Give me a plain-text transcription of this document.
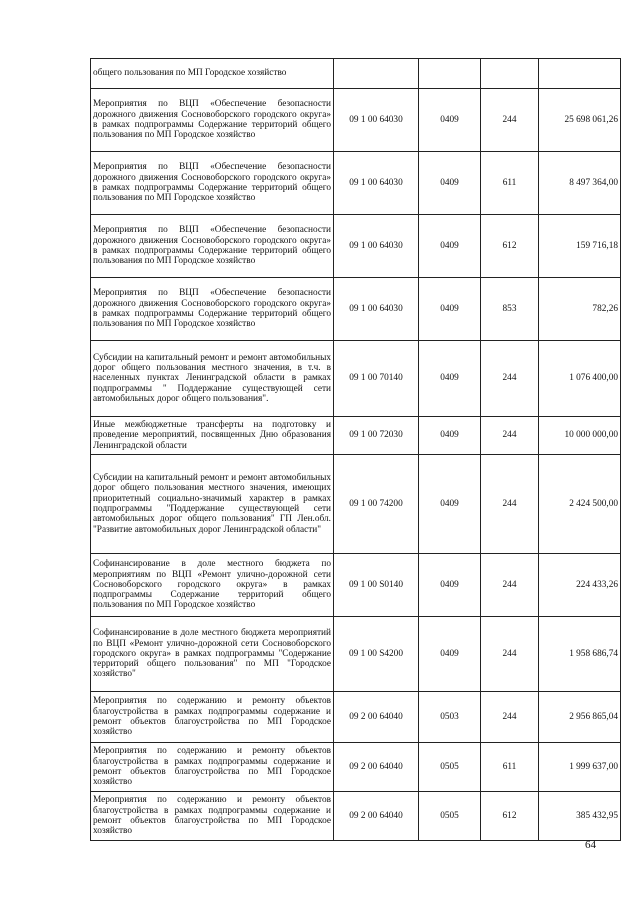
общего пользования по МП Городское хозяйство				
Мероприятия по ВЦП «Обеспечение безопасности дорожного движения Сосновоборского городского округа» в рамках подпрограммы Содержание территорий общего пользования по МП Городское хозяйство	09 1 00 64030	0409	244	25 698 061,26
Мероприятия по ВЦП «Обеспечение безопасности дорожного движения Сосновоборского городского округа» в рамках подпрограммы Содержание территорий общего пользования по МП Городское хозяйство	09 1 00 64030	0409	611	8 497 364,00
Мероприятия по ВЦП «Обеспечение безопасности дорожного движения Сосновоборского городского округа» в рамках подпрограммы Содержание территорий общего пользования по МП Городское хозяйство	09 1 00 64030	0409	612	159 716,18
Мероприятия по ВЦП «Обеспечение безопасности дорожного движения Сосновоборского городского округа» в рамках подпрограммы Содержание территорий общего пользования по МП Городское хозяйство	09 1 00 64030	0409	853	782,26
Субсидии на капитальный ремонт и ремонт автомобильных дорог общего пользования местного значения, в т.ч. в населенных пунктах Ленинградской области в рамках подпрограммы " Поддержание существующей сети автомобильных дорог общего пользования".	09 1 00 70140	0409	244	1 076 400,00
Иные межбюджетные трансферты на подготовку и проведение мероприятий, посвященных Дню образования Ленинградской области	09 1 00 72030	0409	244	10 000 000,00
Субсидии на капитальный ремонт и ремонт автомобильных дорог общего пользования местного значения, имеющих приоритетный социально-значимый характер в рамках подпрограммы "Поддержание существующей сети автомобильных дорог общего пользования" ГП Лен.обл. "Развитие автомобильных дорог Ленинградской области"	09 1 00 74200	0409	244	2 424 500,00
Софинансирование в доле местного бюджета по мероприятиям по ВЦП «Ремонт улично-дорожной сети Сосновоборского городского округа» в рамках подпрограммы Содержание территорий общего пользования по МП Городское хозяйство	09 1 00 S0140	0409	244	224 433,26
Софинансирование в доле местного бюджета мероприятий по ВЦП «Ремонт улично-дорожной сети Сосновоборского городского округа» в рамках подпрограммы "Содержание территорий общего пользования" по МП "Городское хозяйство"	09 1 00 S4200	0409	244	1 958 686,74
Мероприятия по содержанию и ремонту объектов благоустройства в рамках подпрограммы содержание и ремонт объектов благоустройства по МП Городское хозяйство	09 2 00 64040	0503	244	2 956 865,04
Мероприятия по содержанию и ремонту объектов благоустройства в рамках подпрограммы содержание и ремонт объектов благоустройства по МП Городское хозяйство	09 2 00 64040	0505	611	1 999 637,00
Мероприятия по содержанию и ремонту объектов благоустройства в рамках подпрограммы содержание и ремонт объектов благоустройства по МП Городское хозяйство	09 2 00 64040	0505	612	385 432,95
64
